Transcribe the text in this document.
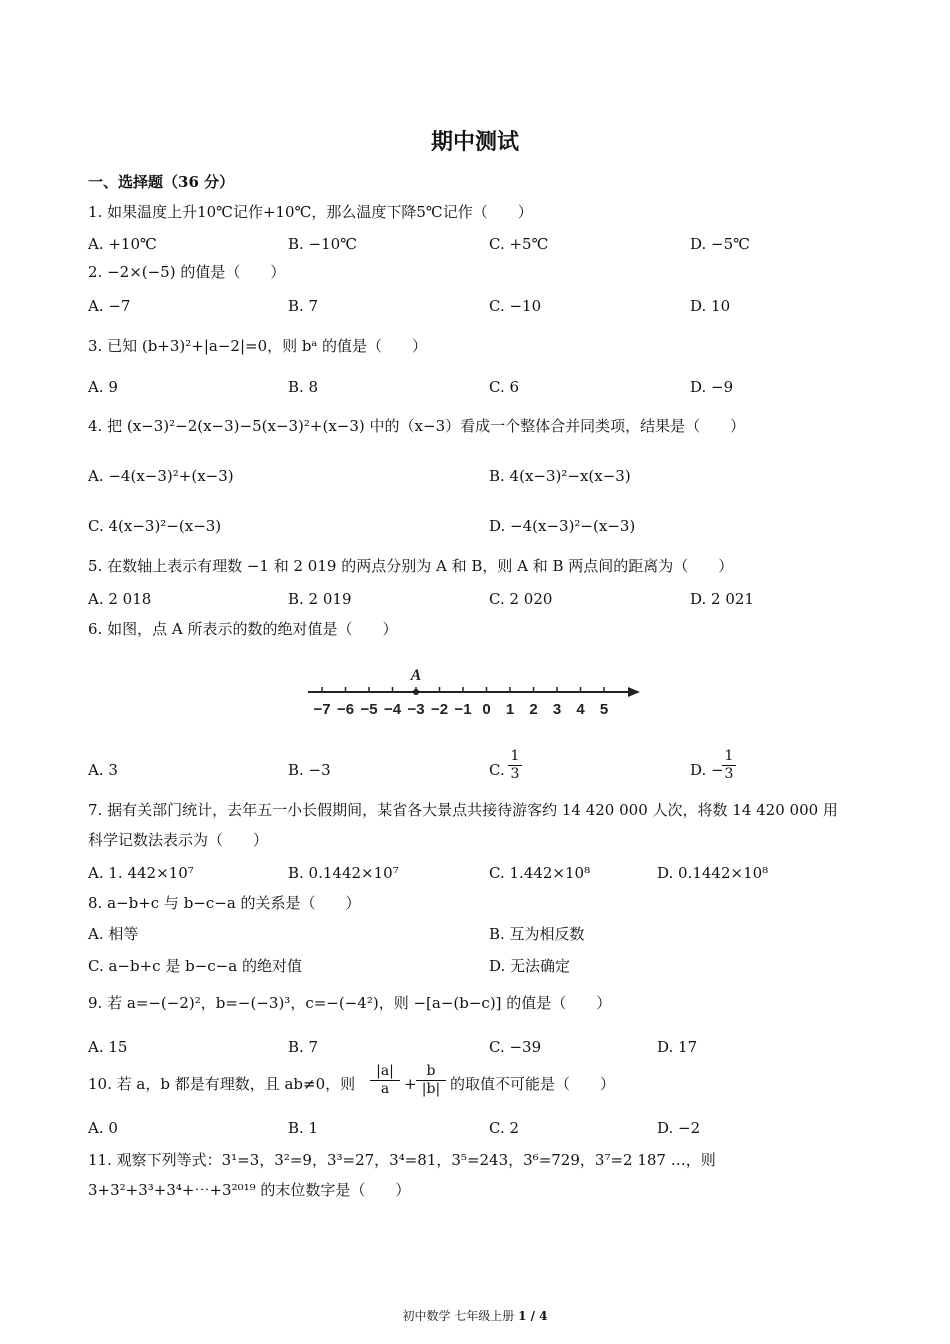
期中测试
一、选择题（36 分）
1. 如果温度上升10℃记作+10℃，那么温度下降5℃记作（　　）
A. +10℃	B. −10℃	C. +5℃	D. −5℃
2. −2×(−5) 的值是（　　）
A. −7	B. 7	C. −10	D. 10
3. 已知 (b+3)²+|a−2|=0，则 bᵃ 的值是（　　）
A. 9	B. 8	C. 6	D. −9
4. 把 (x−3)²−2(x−3)−5(x−3)²+(x−3) 中的（x−3）看成一个整体合并同类项，结果是（　　）
A. −4(x−3)²+(x−3)	B. 4(x−3)²−x(x−3)
C. 4(x−3)²−(x−3)	D. −4(x−3)²−(x−3)
5. 在数轴上表示有理数 −1 和 2 019 的两点分别为 A 和 B，则 A 和 B 两点间的距离为（　　）
A. 2 018	B. 2 019	C. 2 020	D. 2 021
6. 如图，点 A 所表示的数的绝对值是（　　）
−7 −6 −5 −4 −3 −2 −1 0 1 2 3 4 5
A
A. 3	B. −3	C. $\frac{1}{3}$	D. −
$\frac{1}{3}$
7. 据有关部门统计，去年五一小长假期间，某省各大景点共接待游客约 14 420 000 人次，将数 14 420 000 用
科学记数法表示为（　　）
A. 1. 442×10⁷	B. 0.1442×10⁷	C. 1.442×10⁸	D. 0.1442×10⁸
8. a−b+c 与 b−c−a 的关系是（　　）
A. 相等	B. 互为相反数
C. a−b+c 是 b−c−a 的绝对值	D. 无法确定
9. 若 a=−(−2)²，b=−(−3)³，c=−(−4²)，则 −[a−(b−c)] 的值是（　　）
A. 15	B. 7	C. −39	D. 17
10. 若 a，b 都是有理数，且 ab≠0，则 $\frac{|a|}{a} + \frac{b}{|b|}$ 的取值不可能是（　　）
A. 0	B. 1	C. 2	D. −2
11. 观察下列等式：3¹=3，3²=9，3³=27，3⁴=81，3⁵=243，3⁶=729，3⁷=2 187 …，则
3+3²+3³+3⁴+⋯+3²⁰¹⁹ 的末位数字是（　　）
初中数学 七年级上册 1 / 4
